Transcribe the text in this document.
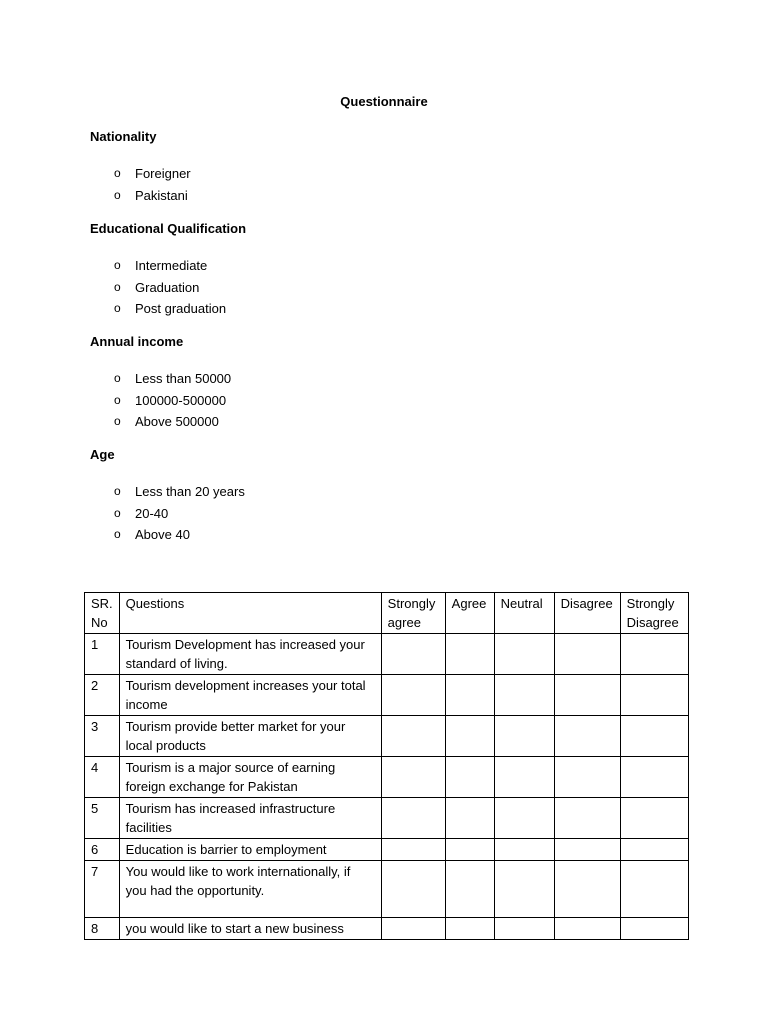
Questionnaire

Nationality

o Foreigner
o Pakistani

Educational Qualification

o Intermediate
o Graduation
o Post graduation

Annual income

o Less than 50000
o 100000-500000
o Above 500000

Age

o Less than 20 years
o 20-40
o Above 40
SR. No	Questions	Strongly agree	Agree	Neutral	Disagree	Strongly Disagree
1	Tourism Development has increased your standard of living.					
2	Tourism development increases your total income					
3	Tourism provide better market for your local products					
4	Tourism is a major source of earning foreign exchange for Pakistan					
5	Tourism has increased infrastructure facilities					
6	Education is barrier to employment					
7	You would like to work internationally, if you had the opportunity.					
8	you would like to start a new business					
